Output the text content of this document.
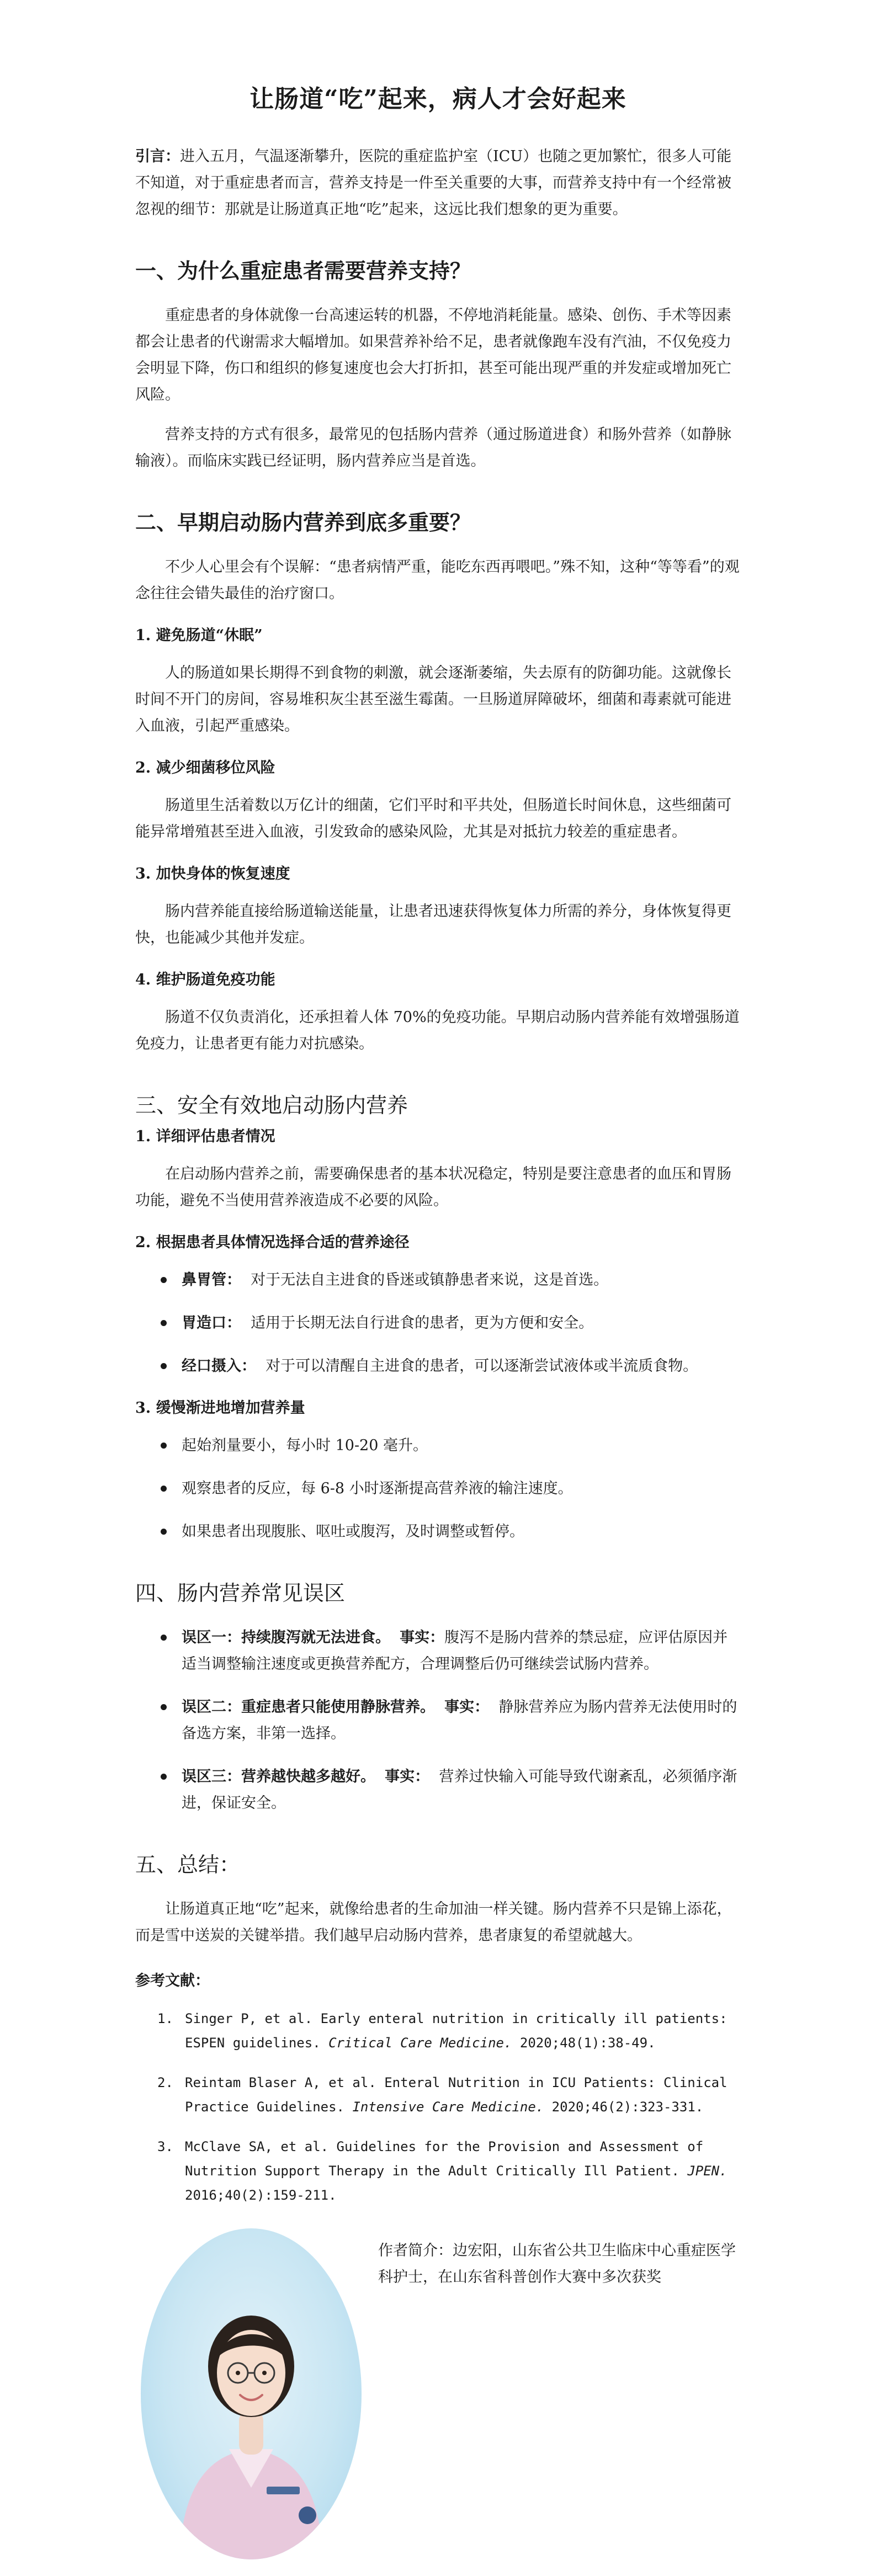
让肠道“吃”起来，病人才会好起来

引言：进入五月，气温逐渐攀升，医院的重症监护室（ICU）也随之更加繁忙，很多人可能不知道，对于重症患者而言，营养支持是一件至关重要的大事，而营养支持中有一个经常被忽视的细节：那就是让肠道真正地“吃”起来，这远比我们想象的更为重要。

一、为什么重症患者需要营养支持？

重症患者的身体就像一台高速运转的机器，不停地消耗能量。感染、创伤、手术等因素都会让患者的代谢需求大幅增加。如果营养补给不足，患者就像跑车没有汽油，不仅免疫力会明显下降，伤口和组织的修复速度也会大打折扣，甚至可能出现严重的并发症或增加死亡风险。

营养支持的方式有很多，最常见的包括肠内营养（通过肠道进食）和肠外营养（如静脉输液）。而临床实践已经证明，肠内营养应当是首选。

二、早期启动肠内营养到底多重要？

不少人心里会有个误解：“患者病情严重，能吃东西再喂吧。”殊不知，这种“等等看”的观念往往会错失最佳的治疗窗口。

1. 避免肠道“休眠”

人的肠道如果长期得不到食物的刺激，就会逐渐萎缩，失去原有的防御功能。这就像长时间不开门的房间，容易堆积灰尘甚至滋生霉菌。一旦肠道屏障破坏，细菌和毒素就可能进入血液，引起严重感染。

2. 减少细菌移位风险

肠道里生活着数以万亿计的细菌，它们平时和平共处，但肠道长时间休息，这些细菌可能异常增殖甚至进入血液，引发致命的感染风险，尤其是对抵抗力较差的重症患者。

3. 加快身体的恢复速度

肠内营养能直接给肠道输送能量，让患者迅速获得恢复体力所需的养分，身体恢复得更快，也能减少其他并发症。

4. 维护肠道免疫功能

肠道不仅负责消化，还承担着人体 70%的免疫功能。早期启动肠内营养能有效增强肠道免疫力，让患者更有能力对抗感染。

三、安全有效地启动肠内营养
1. 详细评估患者情况

在启动肠内营养之前，需要确保患者的基本状况稳定，特别是要注意患者的血压和胃肠功能，避免不当使用营养液造成不必要的风险。

2. 根据患者具体情况选择合适的营养途径
鼻胃管： 对于无法自主进食的昏迷或镇静患者来说，这是首选。
胃造口： 适用于长期无法自行进食的患者，更为方便和安全。
经口摄入： 对于可以清醒自主进食的患者，可以逐渐尝试液体或半流质食物。
3. 缓慢渐进地增加营养量
起始剂量要小，每小时 10-20 毫升。
观察患者的反应，每 6-8 小时逐渐提高营养液的输注速度。
如果患者出现腹胀、呕吐或腹泻，及时调整或暂停。
四、肠内营养常见误区
误区一：持续腹泻就无法进食。 事实：腹泻不是肠内营养的禁忌症，应评估原因并适当调整输注速度或更换营养配方，合理调整后仍可继续尝试肠内营养。
误区二：重症患者只能使用静脉营养。 事实： 静脉营养应为肠内营养无法使用时的备选方案，非第一选择。
误区三：营养越快越多越好。 事实： 营养过快输入可能导致代谢紊乱，必须循序渐进，保证安全。
五、总结：

让肠道真正地“吃”起来，就像给患者的生命加油一样关键。肠内营养不只是锦上添花，而是雪中送炭的关键举措。我们越早启动肠内营养，患者康复的希望就越大。

参考文献：
1. Singer P, et al. Early enteral nutrition in critically ill patients: ESPEN guidelines. Critical Care Medicine. 2020;48(1):38-49.
2. Reintam Blaser A, et al. Enteral Nutrition in ICU Patients: Clinical Practice Guidelines. Intensive Care Medicine. 2020;46(2):323-331.
3. McClave SA, et al. Guidelines for the Provision and Assessment of Nutrition Support Therapy in the Adult Critically Ill Patient. JPEN. 2016;40(2):159-211.

作者简介：边宏阳，山东省公共卫生临床中心重症医学科护士，在山东省科普创作大赛中多次获奖
